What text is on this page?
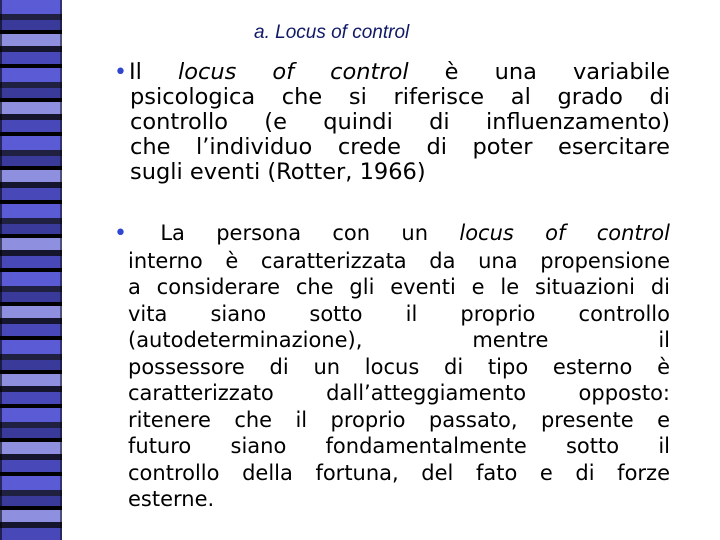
a. Locus of control
•Il locus of control è una variabile
psicologica che si riferisce al grado di
controllo (e quindi di influenzamento)
che l’individuo crede di poter esercitare
sugli eventi (Rotter, 1966)
• La persona con un locus of control
interno è caratterizzata da una propensione
a considerare che gli eventi e le situazioni di
vita siano sotto il proprio controllo
(autodeterminazione), mentre il
possessore di un locus di tipo esterno è
caratterizzato dall’atteggiamento opposto:
ritenere che il proprio passato, presente e
futuro siano fondamentalmente sotto il
controllo della fortuna, del fato e di forze
esterne.
